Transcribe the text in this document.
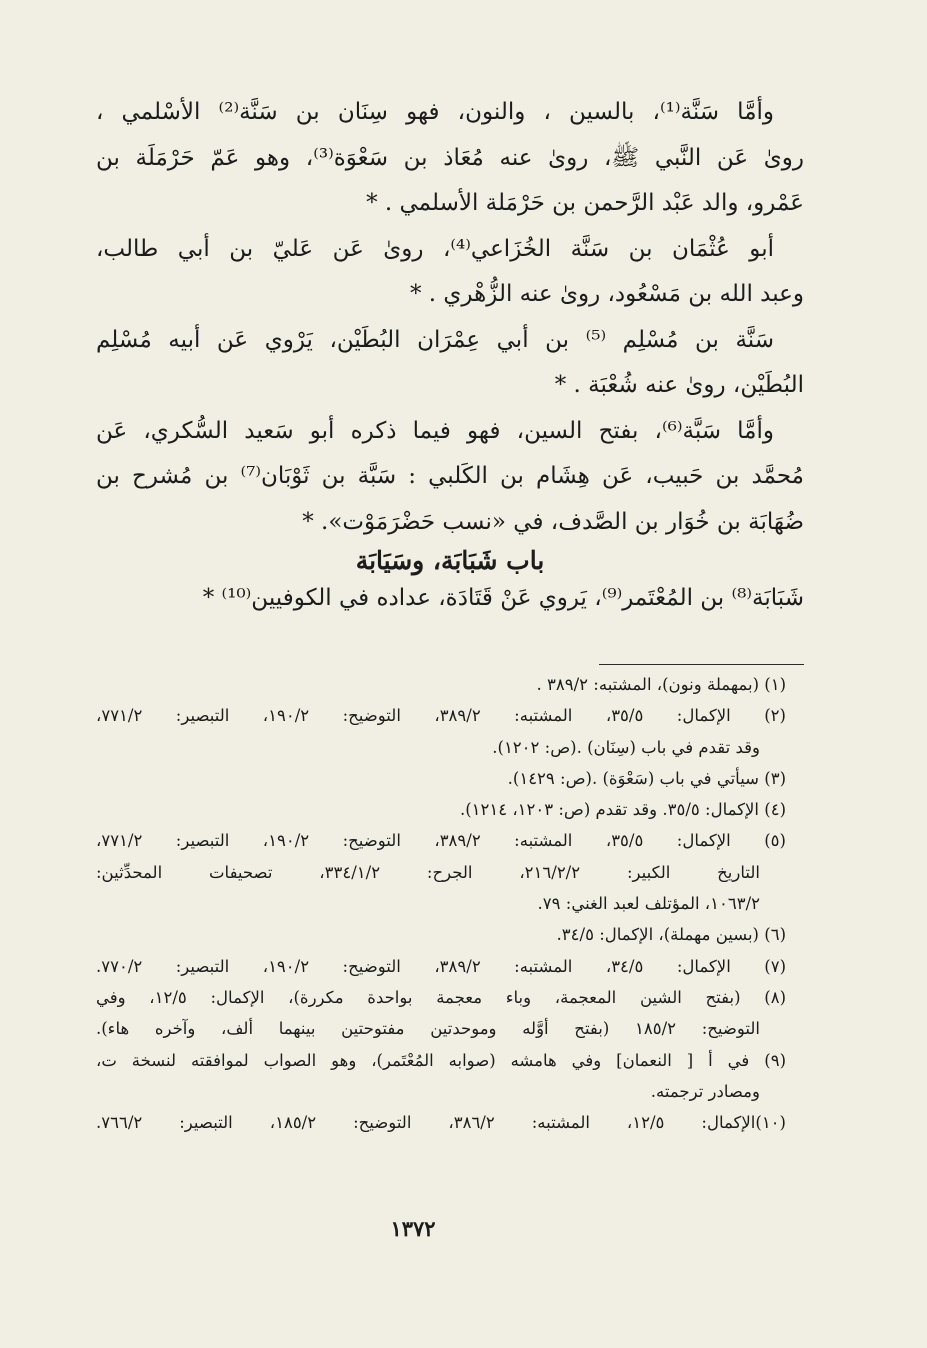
وأمَّا سَنَّة⁽¹⁾، بالسين ، والنون، فهو سِنَان بن سَنَّة⁽²⁾ الأسْلمي ،
روىٰ عَن النَّبي ﷺ، روىٰ عنه مُعَاذ بن سَعْوَة⁽³⁾، وهو عَمّ حَرْمَلَة بن
عَمْرو، والد عَبْد الرَّحمن بن حَرْمَلة الأسلمي . *
أبو عُثْمَان بن سَنَّة الخُزَاعي⁽⁴⁾، روىٰ عَن عَليّ بن أبي طالب،
وعبد الله بن مَسْعُود، روىٰ عنه الزُّهْري . *
سَنَّة بن مُسْلِم ⁽⁵⁾ بن أبي عِمْرَان البُطَيْن، يَرْوي عَن أبيه مُسْلِم
البُطَيْن، روىٰ عنه شُعْبَة . *
وأمَّا سَبَّة⁽⁶⁾، بفتح السين، فهو فيما ذكره أبو سَعيد السُّكري، عَن
مُحمَّد بن حَبيب، عَن هِشَام بن الكَلبي : سَبَّة بن ثَوْبَان⁽⁷⁾ بن مُشرح بن
ضُهَابَة بن خُوَار بن الصَّدف، في «نسب حَضْرَمَوْت». *
باب شَبَابَة، وسَيَابَة
شَبَابَة⁽⁸⁾ بن المُعْتَمر⁽⁹⁾، يَروي عَنْ قَتَادَة، عداده في الكوفيين⁽¹⁰⁾ *
(١) (بمهملة ونون)، المشتبه: ٣٨٩/٢ .
(٢) الإكمال: ٣٥/٥، المشتبه: ٣٨٩/٢، التوضيح: ١٩٠/٢، التبصير: ٧٧١/٢،
وقد تقدم في باب (سِنَان) .(ص: ١٢٠٢).
(٣) سيأتي في باب (سَعْوَة) .(ص: ١٤٢٩).
(٤) الإكمال: ٣٥/٥. وقد تقدم (ص: ١٢٠٣، ١٢١٤).
(٥) الإكمال: ٣٥/٥، المشتبه: ٣٨٩/٢، التوضيح: ١٩٠/٢، التبصير: ٧٧١/٢،
التاريخ الكبير: ٢١٦/٢/٢، الجرح: ٣٣٤/١/٢، تصحيفات المحدِّثين:
١٠٦٣/٢، المؤتلف لعبد الغني: ٧٩.
(٦) (بسين مهملة)، الإكمال: ٣٤/٥.
(٧) الإكمال: ٣٤/٥، المشتبه: ٣٨٩/٢، التوضيح: ١٩٠/٢، التبصير: ٧٧٠/٢.
(٨) (بفتح الشين المعجمة، وباء معجمة بواحدة مكررة)، الإكمال: ١٢/٥، وفي
التوضيح: ١٨٥/٢ (بفتح أوَّله وموحدتين مفتوحتين بينهما ألف، وآخره هاء).
(٩) في أ [ النعمان] وفي هامشه (صوابه المُعْتَمر)، وهو الصواب لموافقته لنسخة ت،
ومصادر ترجمته.
(١٠)الإكمال: ١٢/٥، المشتبه: ٣٨٦/٢، التوضيح: ١٨٥/٢، التبصير: ٧٦٦/٢.
١٣٧٢
